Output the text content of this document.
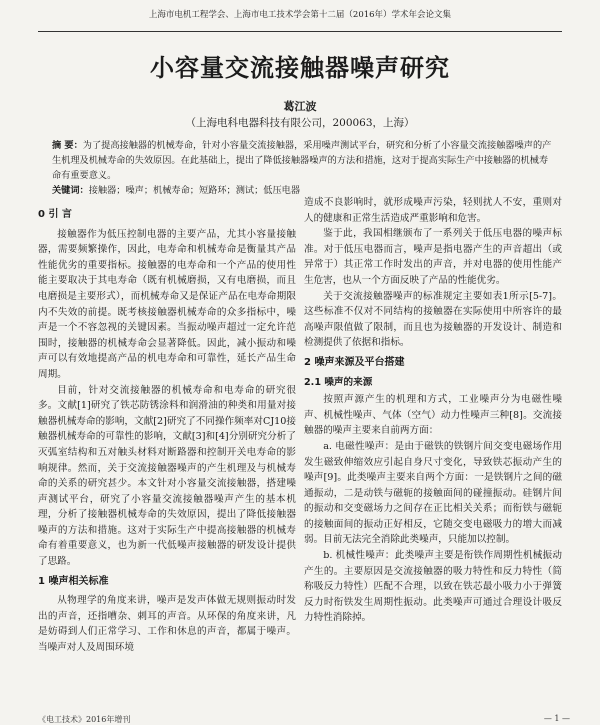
上海市电机工程学会、上海市电工技术学会第十二届（2016年）学术年会论文集
小容量交流接触器噪声研究
葛江波
（上海电科电器科技有限公司，200063，上海）

摘 要：为了提高接触器的机械寿命，针对小容量交流接触器，采用噪声测试平台，研究和分析了小容量交流接触器噪声的产生机理及机械寿命的失效原因。在此基础上，提出了降低接触器噪声的方法和措施，这对于提高实际生产中接触器的机械寿命有重要意义。

关键词：接触器；噪声；机械寿命；短路环；测试；低压电器

0 引 言

接触器作为低压控制电器的主要产品，尤其小容量接触器，需要频繁操作，因此，电寿命和机械寿命是衡量其产品性能优劣的重要指标。接触器的电寿命和一个产品的使用性能主要取决于其电寿命（既有机械磨损，又有电磨损，而且电磨损是主要形式），而机械寿命又是保证产品在电寿命期限内不失效的前提。既考核接触器机械寿命的众多指标中，噪声是一个不容忽视的关键因素。当振动噪声超过一定允许范围时，接触器的机械寿命会显著降低。因此，减小振动和噪声可以有效地提高产品的机电寿命和可靠性，延长产品生命周期。

目前，针对交流接触器的机械寿命和电寿命的研究很多。文献[1]研究了铁芯防锈涂料和润滑油的种类和用量对接触器机械寿命的影响，文献[2]研究了不同操作频率对CJ10接触器机械寿命的可靠性的影响，文献[3]和[4]分别研究分析了灭弧室结构和五对触头材料对断路器和控制开关电寿命的影响规律。然而，关于交流接触器噪声的产生机理及与机械寿命的关系的研究甚少。本文针对小容量交流接触器，搭建噪声测试平台，研究了小容量交流接触器噪声产生的基本机理，分析了接触器机械寿命的失效原因，提出了降低接触器噪声的方法和措施。这对于实际生产中提高接触器的机械寿命有着重要意义，也为新一代低噪声接触器的研发设计提供了思路。

1 噪声相关标准

从物理学的角度来讲，噪声是发声体做无规则振动时发出的声音，还指嘈杂、刺耳的声音。从环保的角度来讲，凡是妨碍到人们正常学习、工作和休息的声音，都属于噪声。当噪声对人及周围环境

造成不良影响时，就形成噪声污染，轻则扰人不安，重则对人的健康和正常生活造成严重影响和危害。

鉴于此，我国相继颁布了一系列关于低压电器的噪声标准。对于低压电器而言，噪声是指电器产生的声音超出（或异常于）其正常工作时发出的声音，并对电器的使用性能产生危害，也从一个方面反映了产品的性能优劣。

关于交流接触器噪声的标准规定主要如表1所示[5-7]。这些标准不仅对不同结构的接触器在实际使用中所容许的最高噪声限值做了限制，而且也为接触器的开发设计、制造和检测提供了依据和指标。

2 噪声来源及平台搭建
2.1 噪声的来源

按照声源产生的机理和方式，工业噪声分为电磁性噪声、机械性噪声、气体（空气）动力性噪声三种[8]。交流接触器的噪声主要来自前两方面：

a. 电磁性噪声：是由于磁铁的铁钢片间交变电磁场作用发生磁致伸缩效应引起自身尺寸变化，导致铁芯振动产生的噪声[9]。此类噪声主要来自两个方面：一是铁钢片之间的磁通振动，二是动铁与磁轭的接触面间的碰撞振动。硅钢片间的振动和交变磁场力之间存在正比相关关系；而衔铁与磁轭的接触面间的振动正好相反，它随交变电磁吸力的增大而减弱。目前无法完全消除此类噪声，只能加以控制。

b. 机械性噪声：此类噪声主要是衔铁作周期性机械振动产生的。主要原因是交流接触器的吸力特性和反力特性（简称吸反力特性）匹配不合理，以致在铁芯最小吸力小于弹簧反力时衔铁发生周期性振动。此类噪声可通过合理设计吸反力特性消除掉。

《电工技术》2016年增刊	— 1 —
